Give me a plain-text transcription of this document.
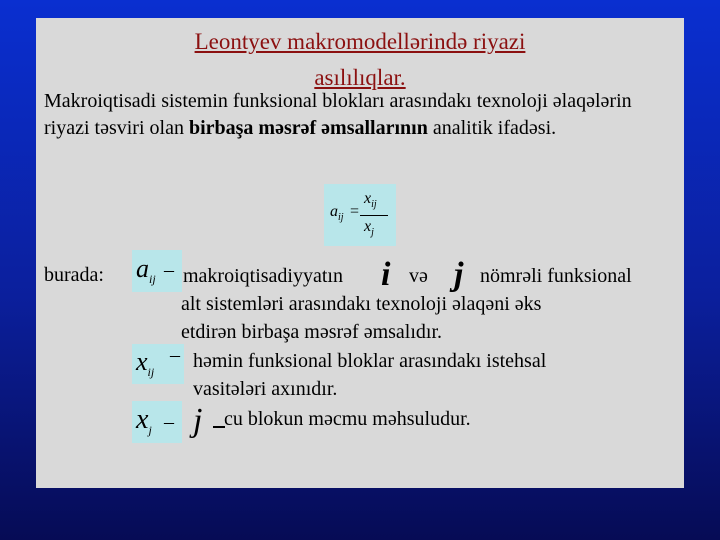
Leontyev makromodellərində riyazi
asılılıqlar.
Makroiqtisadi sistemin funksional blokları arasındakı texnoloji əlaqələrin riyazi təsviri olan birbaşa məsrəf əmsallarının analitik ifadəsi.
$a_{ij}$ =
$x_{ij}$
$x_j$
burada: $a_{ij}$ – makroiqtisadiyyatın i və j nömrəli funksional
alt sistemləri arasındakı texnoloji əlaqəni əks
etdirən birbaşa məsrəf əmsalıdır.
$x_{ij}$
– həmin funksional bloklar arasındakı istehsal
vasitələri axınıdır.
$x_j$ – j cu blokun məcmu məhsuludur.
